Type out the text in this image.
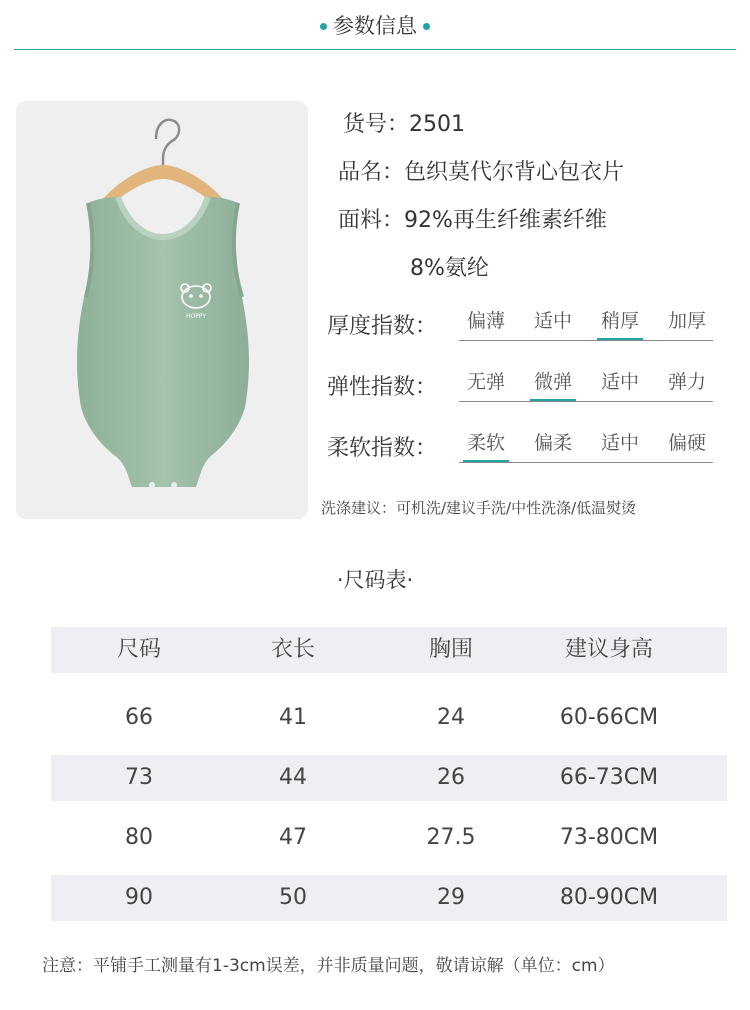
参数信息
HOPPY
货号：2501
品名：色织莫代尔背心包衣片
面料：92%再生纤维素纤维
8%氨纶
厚度指数：	偏薄	适中	稍厚	加厚
弹性指数：	无弹	微弹	适中	弹力
柔软指数：	柔软	偏柔	适中	偏硬
洗涤建议：可机洗/建议手洗/中性洗涤/低温熨烫
·尺码表·
尺码	衣长	胸围	建议身高
66	41	24	60-66CM
73	44	26	66-73CM
80	47	27.5	73-80CM
90	50	29	80-90CM
注意：平铺手工测量有1-3cm误差，并非质量问题，敬请谅解（单位：cm）
